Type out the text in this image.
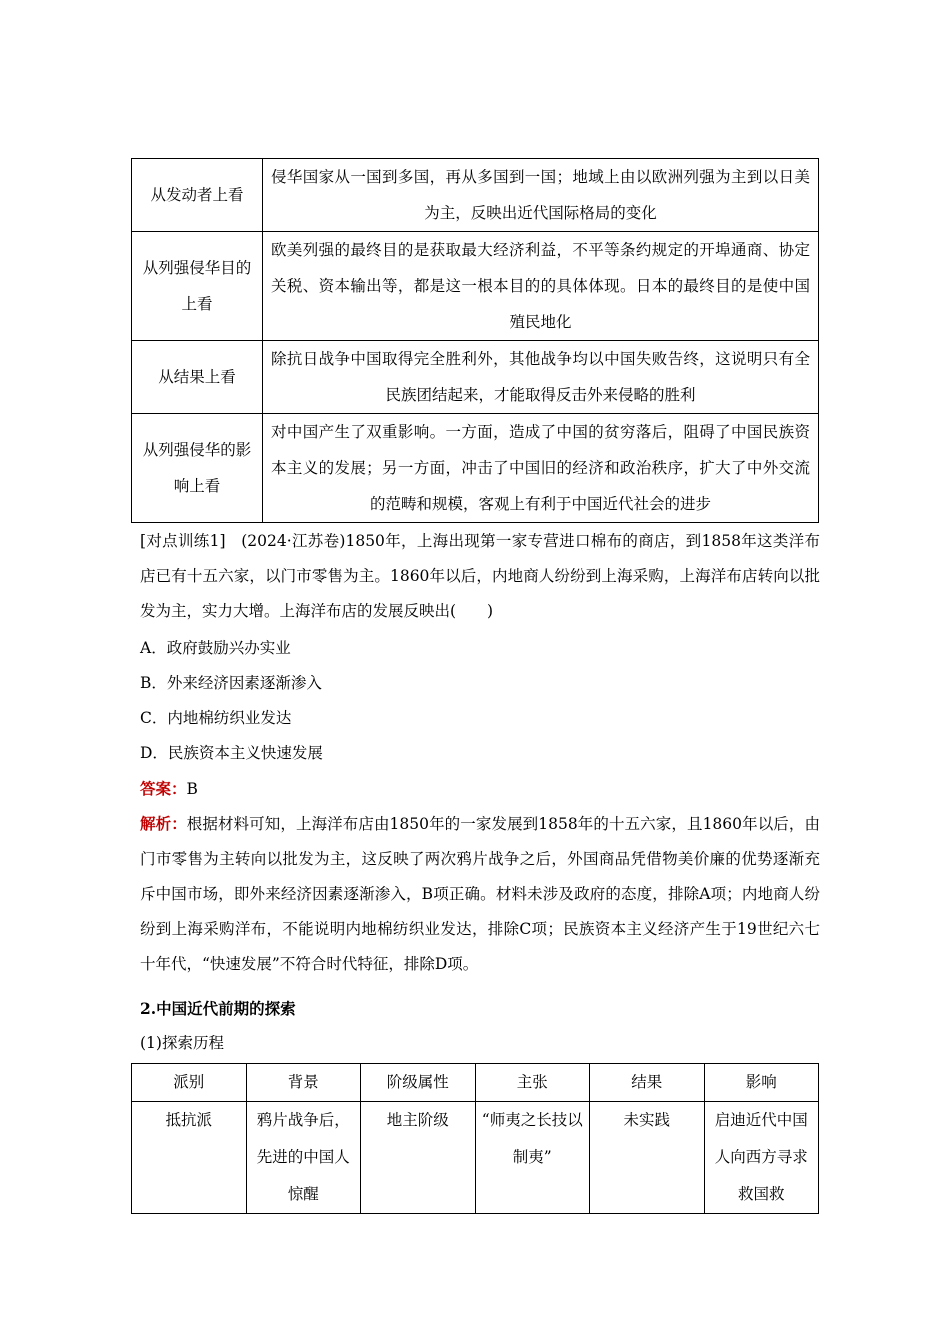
从发动者上看	侵华国家从一国到多国，再从多国到一国；地域上由以欧洲列强为主到以日美为主，反映出近代国际格局的变化
从列强侵华目的上看	欧美列强的最终目的是获取最大经济利益，不平等条约规定的开埠通商、协定关税、资本输出等，都是这一根本目的的具体体现。日本的最终目的是使中国殖民地化
从结果上看	除抗日战争中国取得完全胜利外，其他战争均以中国失败告终，这说明只有全民族团结起来，才能取得反击外来侵略的胜利
从列强侵华的影响上看	对中国产生了双重影响。一方面，造成了中国的贫穷落后，阻碍了中国民族资本主义的发展；另一方面，冲击了中国旧的经济和政治秩序，扩大了中外交流的范畴和规模，客观上有利于中国近代社会的进步
[对点训练1] (2024·江苏卷)1850年，上海出现第一家专营进口棉布的商店，到1858年这类洋布店已有十五六家，以门市零售为主。1860年以后，内地商人纷纷到上海采购，上海洋布店转向以批发为主，实力大增。上海洋布店的发展反映出(　　)
A．政府鼓励兴办实业
B．外来经济因素逐渐渗入
C．内地棉纺织业发达
D．民族资本主义快速发展
答案：B
解析：根据材料可知，上海洋布店由1850年的一家发展到1858年的十五六家，且1860年以后，由门市零售为主转向以批发为主，这反映了两次鸦片战争之后，外国商品凭借物美价廉的优势逐渐充斥中国市场，即外来经济因素逐渐渗入，B项正确。材料未涉及政府的态度，排除A项；内地商人纷纷到上海采购洋布，不能说明内地棉纺织业发达，排除C项；民族资本主义经济产生于19世纪六七十年代，“快速发展”不符合时代特征，排除D项。
2.中国近代前期的探索
(1)探索历程
派别	背景	阶级属性	主张	结果	影响
抵抗派	鸦片战争后，先进的中国人惊醒	地主阶级	“师夷之长技以制夷”	未实践	启迪近代中国人向西方寻求救国救
